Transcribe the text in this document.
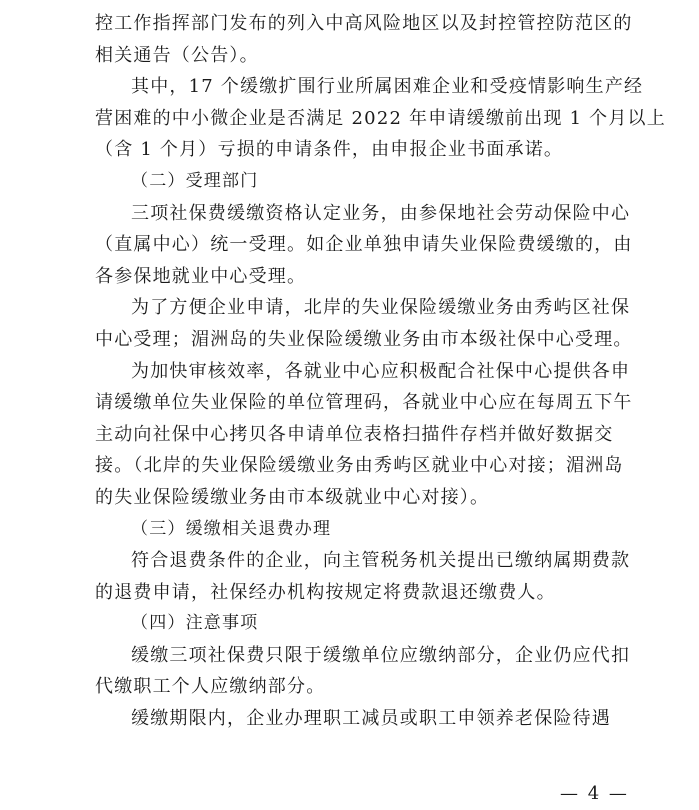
控工作指挥部门发布的列入中高风险地区以及封控管控防范区的
相关通告（公告）。
其中，17 个缓缴扩围行业所属困难企业和受疫情影响生产经
营困难的中小微企业是否满足 2022 年申请缓缴前出现 1 个月以上
（含 1 个月）亏损的申请条件，由申报企业书面承诺。
（二）受理部门
三项社保费缓缴资格认定业务，由参保地社会劳动保险中心
（直属中心）统一受理。如企业单独申请失业保险费缓缴的，由
各参保地就业中心受理。
为了方便企业申请，北岸的失业保险缓缴业务由秀屿区社保
中心受理；湄洲岛的失业保险缓缴业务由市本级社保中心受理。
为加快审核效率，各就业中心应积极配合社保中心提供各申
请缓缴单位失业保险的单位管理码，各就业中心应在每周五下午
主动向社保中心拷贝各申请单位表格扫描件存档并做好数据交
接。（北岸的失业保险缓缴业务由秀屿区就业中心对接；湄洲岛
的失业保险缓缴业务由市本级就业中心对接）。
（三）缓缴相关退费办理
符合退费条件的企业，向主管税务机关提出已缴纳属期费款
的退费申请，社保经办机构按规定将费款退还缴费人。
（四）注意事项
缓缴三项社保费只限于缓缴单位应缴纳部分，企业仍应代扣
代缴职工个人应缴纳部分。
缓缴期限内，企业办理职工减员或职工申领养老保险待遇
— 4 —
